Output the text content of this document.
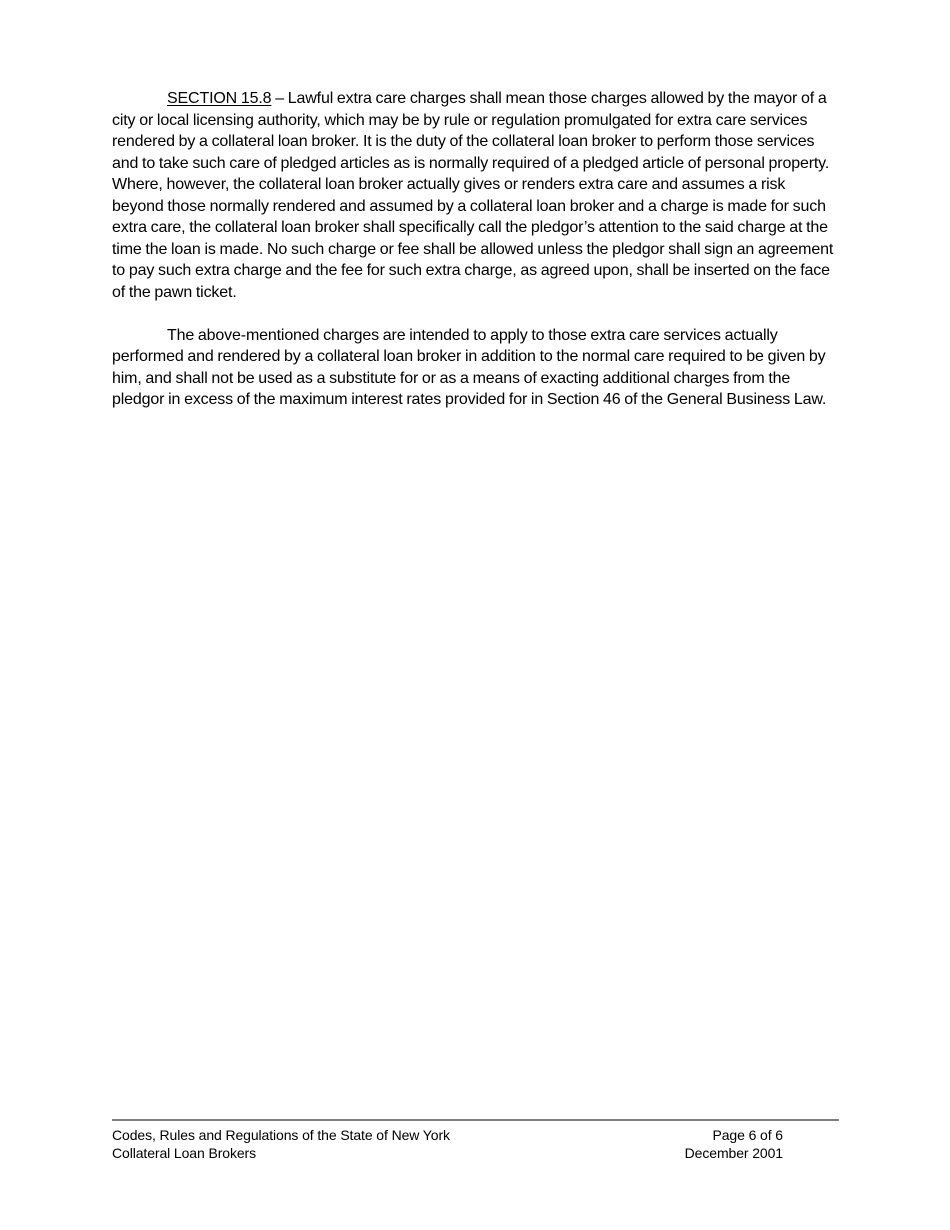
SECTION 15.8 – Lawful extra care charges shall mean those charges allowed by the mayor of a city or local licensing authority, which may be by rule or regulation promulgated for extra care services rendered by a collateral loan broker. It is the duty of the collateral loan broker to perform those services and to take such care of pledged articles as is normally required of a pledged article of personal property. Where, however, the collateral loan broker actually gives or renders extra care and assumes a risk beyond those normally rendered and assumed by a collateral loan broker and a charge is made for such extra care, the collateral loan broker shall specifically call the pledgor’s attention to the said charge at the time the loan is made. No such charge or fee shall be allowed unless the pledgor shall sign an agreement to pay such extra charge and the fee for such extra charge, as agreed upon, shall be inserted on the face of the pawn ticket.

The above-mentioned charges are intended to apply to those extra care services actually performed and rendered by a collateral loan broker in addition to the normal care required to be given by him, and shall not be used as a substitute for or as a means of exacting additional charges from the pledgor in excess of the maximum interest rates provided for in Section 46 of the General Business Law.

Codes, Rules and Regulations of the State of New York	Page 6 of 6
Collateral Loan Brokers	December 2001
